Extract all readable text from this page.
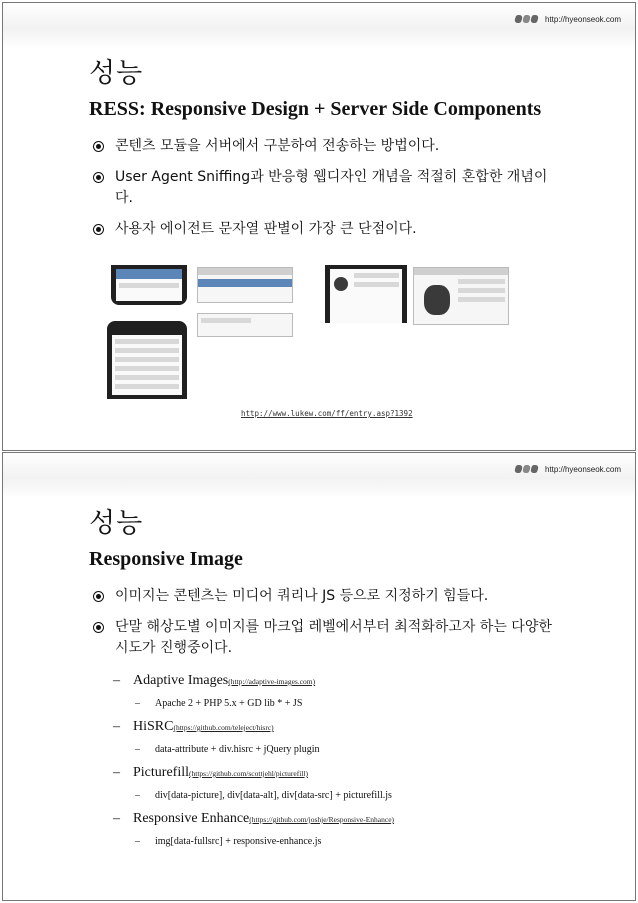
http://hyeonseok.com
성능
RESS: Responsive Design + Server Side Components
콘텐츠 모듈을 서버에서 구분하여 전송하는 방법이다.
User Agent Sniffing과 반응형 웹디자인 개념을 적절히 혼합한 개념이다.
사용자 에이전트 문자열 판별이 가장 큰 단점이다.
http://www.lukew.com/ff/entry.asp?1392
http://hyeonseok.com
성능
Responsive Image
이미지는 콘텐츠는 미디어 쿼리나 JS 등으로 지정하기 힘들다.
단말 해상도별 이미지를 마크업 레벨에서부터 최적화하고자 하는 다양한 시도가 진행중이다.
– Adaptive Images(http://adaptive-images.com)
– Apache 2 + PHP 5.x + GD lib * + JS
– HiSRC(https://github.com/teleject/hisrc)
– data-attribute + div.hisrc + jQuery plugin
– Picturefill(https://github.com/scottjehl/picturefill)
– div[data-picture], div[data-alt], div[data-src] + picturefill.js
– Responsive Enhance(https://github.com/joshje/Responsive-Enhance)
– img[data-fullsrc] + responsive-enhance.js
